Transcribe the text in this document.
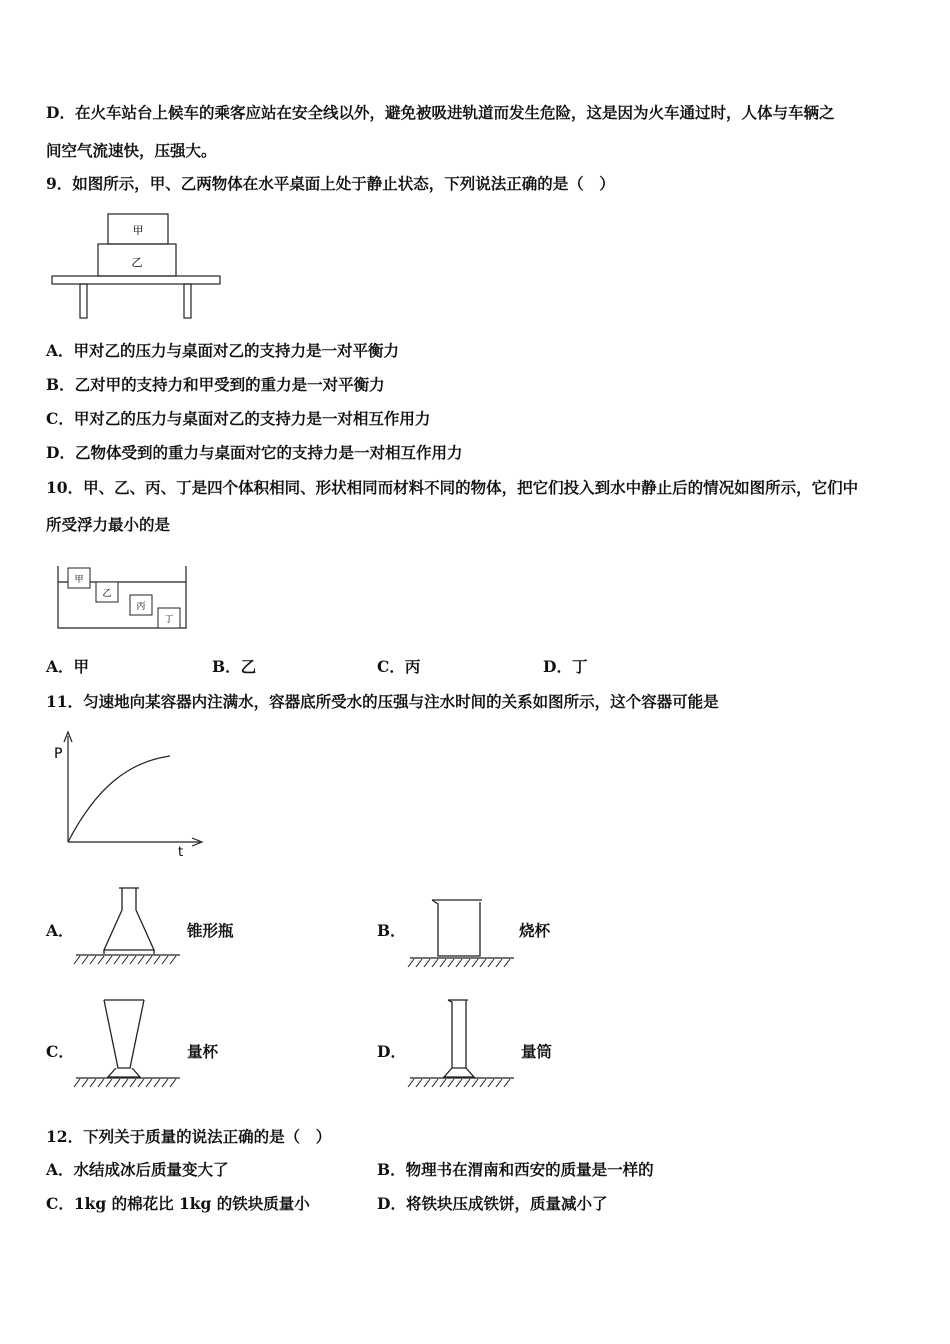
D．在火车站台上候车的乘客应站在安全线以外，避免被吸进轨道而发生危险，这是因为火车通过时，人体与车辆之
间空气流速快，压强大。
9．如图所示，甲、乙两物体在水平桌面上处于静止状态，下列说法正确的是（　）
甲
乙
A．甲对乙的压力与桌面对乙的支持力是一对平衡力
B．乙对甲的支持力和甲受到的重力是一对平衡力
C．甲对乙的压力与桌面对乙的支持力是一对相互作用力
D．乙物体受到的重力与桌面对它的支持力是一对相互作用力
10．甲、乙、丙、丁是四个体积相同、形状相同而材料不同的物体，把它们投入到水中静止后的情况如图所示，它们中
所受浮力最小的是
甲
乙
丙
丁
A．甲	B．乙	C．丙	D．丁
11．匀速地向某容器内注满水，容器底所受水的压强与注水时间的关系如图所示，这个容器可能是
P
t
A．	锥形瓶	B．	烧杯
C．	量杯	D．	量筒
12．下列关于质量的说法正确的是（　）
A．水结成冰后质量变大了	B．物理书在渭南和西安的质量是一样的
C．1kg 的棉花比 1kg 的铁块质量小	D．将铁块压成铁饼，质量减小了
